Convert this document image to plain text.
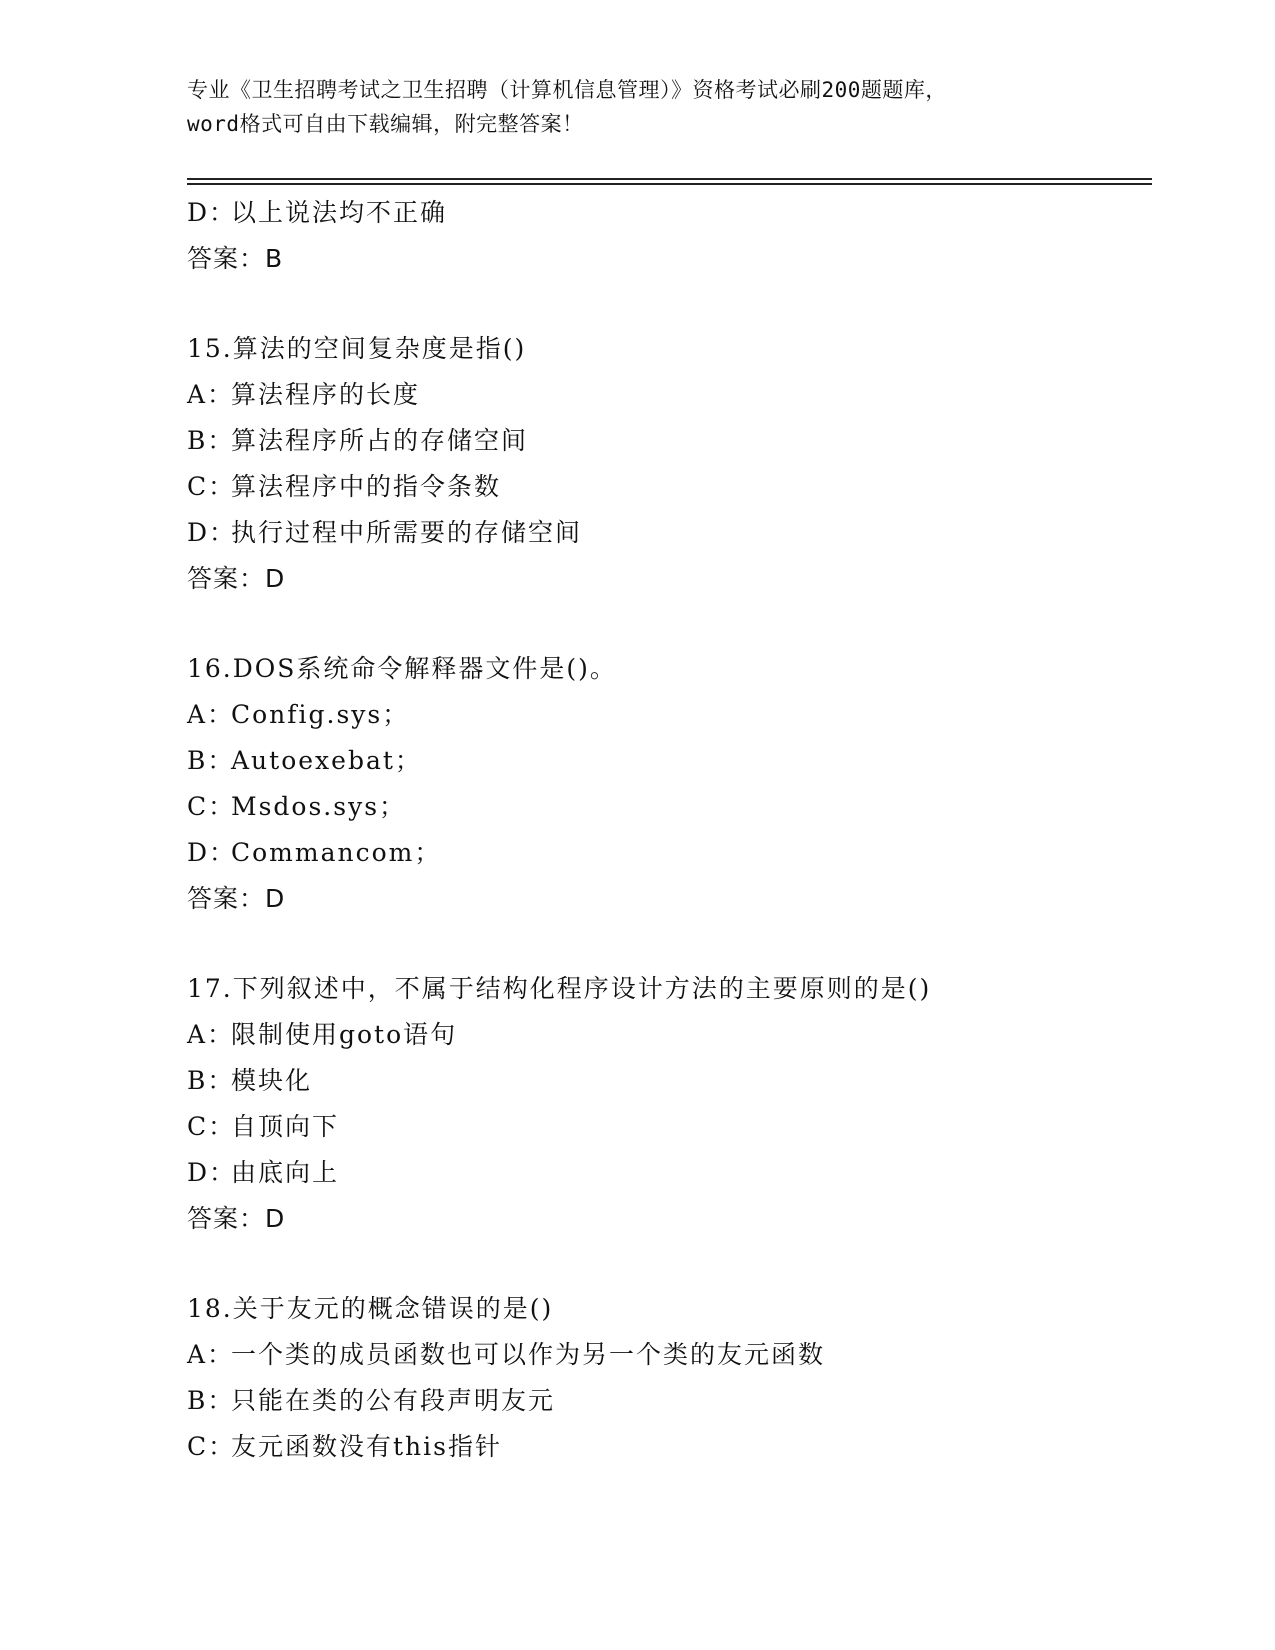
专业《卫生招聘考试之卫生招聘（计算机信息管理）》资格考试必刷200题题库，
word格式可自由下载编辑，附完整答案！
D：以上说法均不正确
答案：B
15.算法的空间复杂度是指()
A：算法程序的长度
B：算法程序所占的存储空间
C：算法程序中的指令条数
D：执行过程中所需要的存储空间
答案：D
16.DOS系统命令解释器文件是()。
A：Config.sys；
B：Autoexebat；
C：Msdos.sys；
D：Commancom；
答案：D
17.下列叙述中，不属于结构化程序设计方法的主要原则的是()
A：限制使用goto语句
B：模块化
C：自顶向下
D：由底向上
答案：D
18.关于友元的概念错误的是()
A：一个类的成员函数也可以作为另一个类的友元函数
B：只能在类的公有段声明友元
C：友元函数没有this指针
